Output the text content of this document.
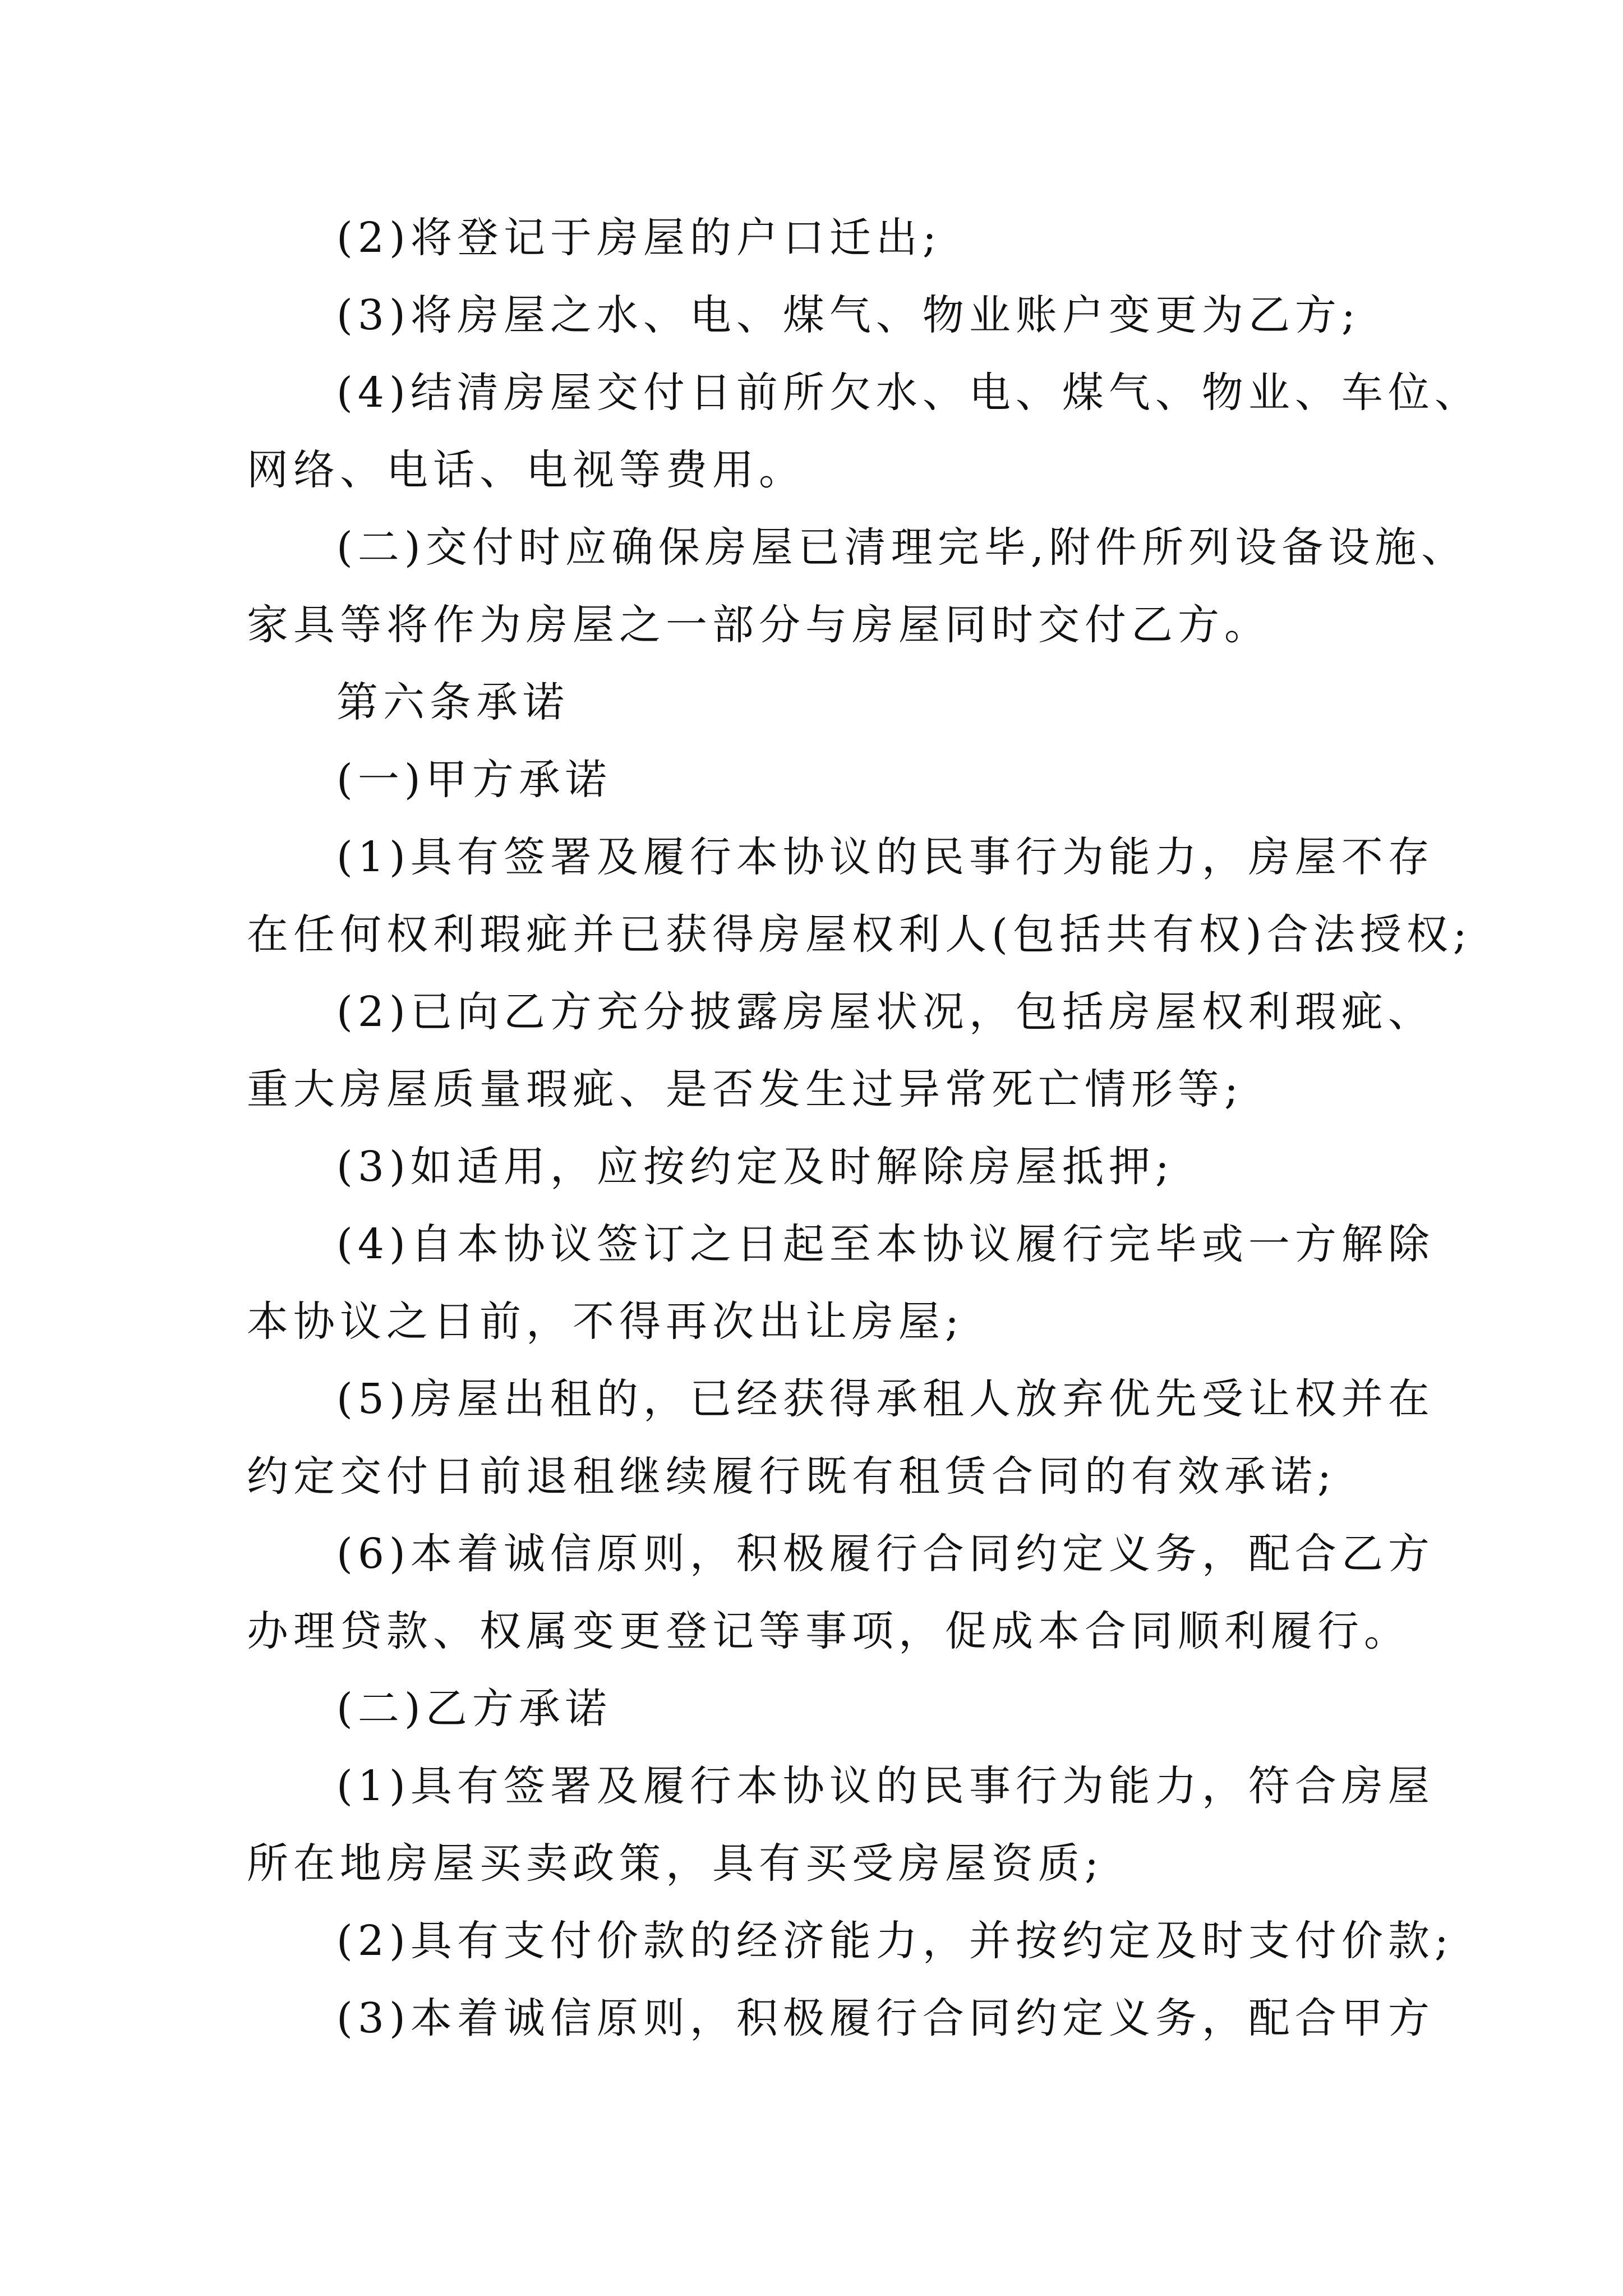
(2)将登记于房屋的户口迁出;
(3)将房屋之水、电、煤气、物业账户变更为乙方;
(4)结清房屋交付日前所欠水、电、煤气、物业、车位、
网络、电话、电视等费用。
(二)交付时应确保房屋已清理完毕,附件所列设备设施、
家具等将作为房屋之一部分与房屋同时交付乙方。
第六条承诺
(一)甲方承诺
(1)具有签署及履行本协议的民事行为能力，房屋不存
在任何权利瑕疵并已获得房屋权利人(包括共有权)合法授权;
(2)已向乙方充分披露房屋状况，包括房屋权利瑕疵、
重大房屋质量瑕疵、是否发生过异常死亡情形等;
(3)如适用，应按约定及时解除房屋抵押;
(4)自本协议签订之日起至本协议履行完毕或一方解除
本协议之日前，不得再次出让房屋;
(5)房屋出租的，已经获得承租人放弃优先受让权并在
约定交付日前退租继续履行既有租赁合同的有效承诺;
(6)本着诚信原则，积极履行合同约定义务，配合乙方
办理贷款、权属变更登记等事项，促成本合同顺利履行。
(二)乙方承诺
(1)具有签署及履行本协议的民事行为能力，符合房屋
所在地房屋买卖政策，具有买受房屋资质;
(2)具有支付价款的经济能力，并按约定及时支付价款;
(3)本着诚信原则，积极履行合同约定义务，配合甲方
